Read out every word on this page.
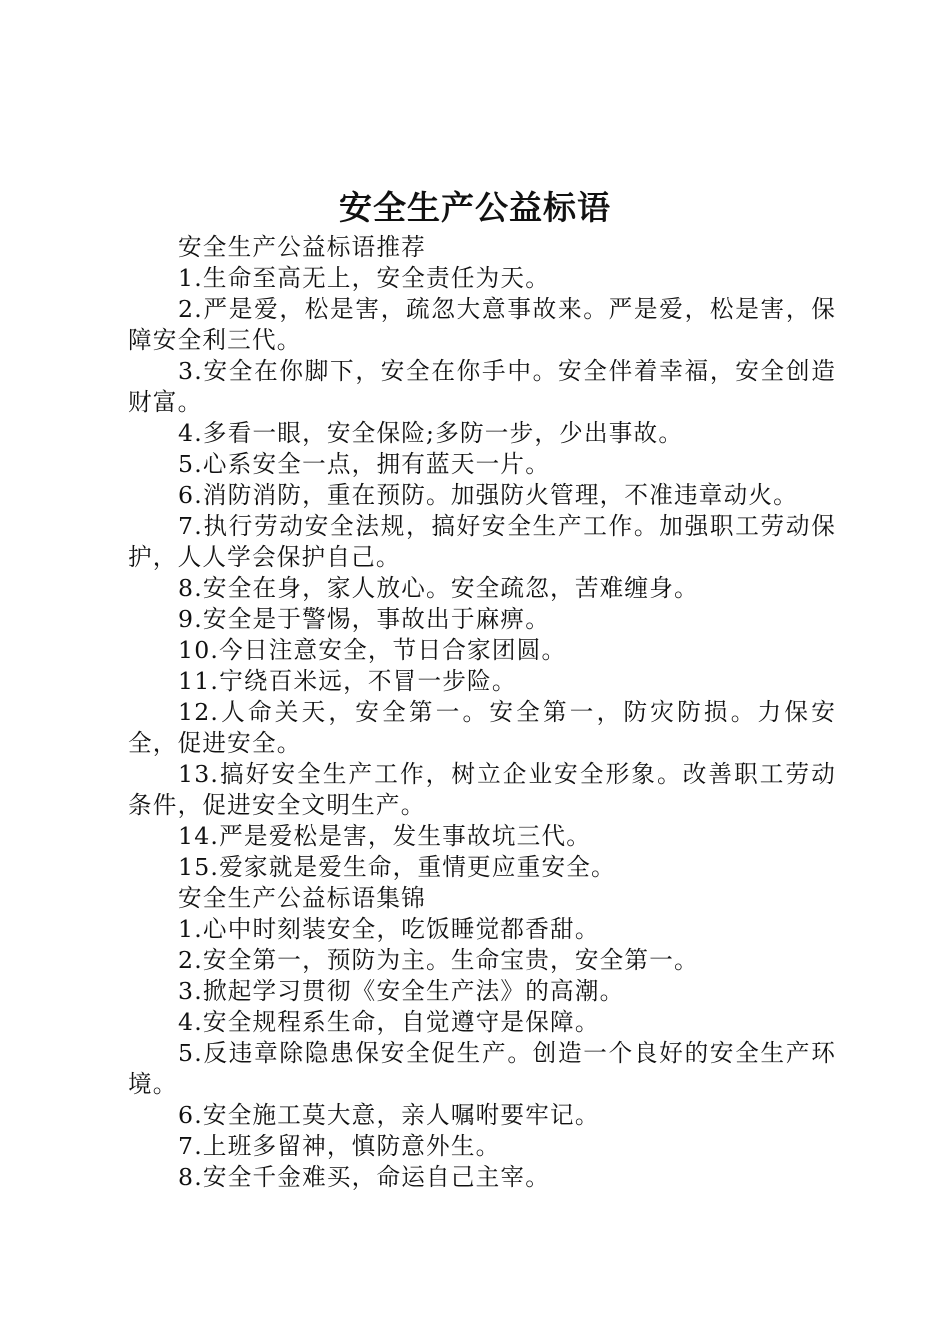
安全生产公益标语

安全生产公益标语推荐

1.生命至高无上，安全责任为天。

2.严是爱，松是害，疏忽大意事故来。严是爱，松是害，保障安全利三代。

3.安全在你脚下，安全在你手中。安全伴着幸福，安全创造财富。

4.多看一眼，安全保险;多防一步，少出事故。

5.心系安全一点，拥有蓝天一片。

6.消防消防，重在预防。加强防火管理，不准违章动火。

7.执行劳动安全法规，搞好安全生产工作。加强职工劳动保护，人人学会保护自己。

8.安全在身，家人放心。安全疏忽，苦难缠身。

9.安全是于警惕，事故出于麻痹。

10.今日注意安全，节日合家团圆。

11.宁绕百米远，不冒一步险。

12.人命关天，安全第一。安全第一，防灾防损。力保安全，促进安全。

13.搞好安全生产工作，树立企业安全形象。改善职工劳动条件，促进安全文明生产。

14.严是爱松是害，发生事故坑三代。

15.爱家就是爱生命，重情更应重安全。

安全生产公益标语集锦

1.心中时刻装安全，吃饭睡觉都香甜。

2.安全第一，预防为主。生命宝贵，安全第一。

3.掀起学习贯彻《安全生产法》的高潮。

4.安全规程系生命，自觉遵守是保障。

5.反违章除隐患保安全促生产。创造一个良好的安全生产环境。

6.安全施工莫大意，亲人嘱咐要牢记。

7.上班多留神，慎防意外生。

8.安全千金难买，命运自己主宰。
